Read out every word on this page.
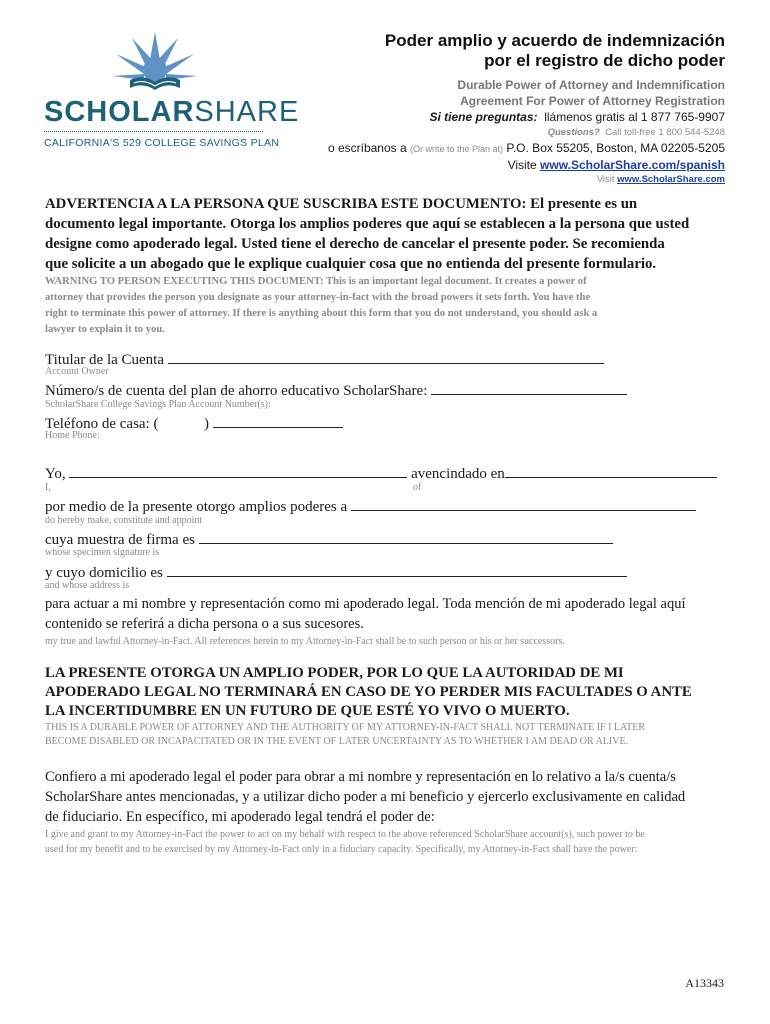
SCHOLARSHARE
CALIFORNIA'S 529 COLLEGE SAVINGS PLAN
Poder amplio y acuerdo de indemnización
por el registro de dicho poder
Durable Power of Attorney and Indemnification
Agreement For Power of Attorney Registration
Si tiene preguntas: llámenos gratis al 1 877 765-9907
Questions? Call toll-free 1 800 544-5248
o escríbanos a (Or write to the Plan at) P.O. Box 55205, Boston, MA 02205-5205
Visite www.ScholarShare.com/spanish
Visit www.ScholarShare.com
ADVERTENCIA A LA PERSONA QUE SUSCRIBA ESTE DOCUMENTO: El presente es un
documento legal importante. Otorga los amplios poderes que aquí se establecen a la persona que usted
designe como apoderado legal. Usted tiene el derecho de cancelar el presente poder. Se recomienda
que solicite a un abogado que le explique cualquier cosa que no entienda del presente formulario.
WARNING TO PERSON EXECUTING THIS DOCUMENT: This is an important legal document. It creates a power of
attorney that provides the person you designate as your attorney-in-fact with the broad powers it sets forth. You have the
right to terminate this power of attorney. If there is anything about this form that you do not understand, you should ask a
lawyer to explain it to you.
Titular de la Cuenta
Account Owner
Número/s de cuenta del plan de ahorro educativo ScholarShare:
ScholarShare College Savings Plan Account Number(s):
Teléfono de casa: (	)
Home Phone:
Yo,	avencindado en
I,	of
por medio de la presente otorgo amplios poderes a
do hereby make, constitute and appoint
cuya muestra de firma es
whose specimen signature is
y cuyo domicilio es
and whose address is
para actuar a mi nombre y representación como mi apoderado legal. Toda mención de mi apoderado legal aquí
contenido se referirá a dicha persona o a sus sucesores.
my true and lawful Attorney-in-Fact. All references herein to my Attorney-in-Fact shall be to such person or his or her successors.
LA PRESENTE OTORGA UN AMPLIO PODER, POR LO QUE LA AUTORIDAD DE MI
APODERADO LEGAL NO TERMINARÁ EN CASO DE YO PERDER MIS FACULTADES O ANTE
LA INCERTIDUMBRE EN UN FUTURO DE QUE ESTÉ YO VIVO O MUERTO.
THIS IS A DURABLE POWER OF ATTORNEY AND THE AUTHORITY OF MY ATTORNEY-IN-FACT SHALL NOT TERMINATE IF I LATER
BECOME DISABLED OR INCAPACITATED OR IN THE EVENT OF LATER UNCERTAINTY AS TO WHETHER I AM DEAD OR ALIVE.
Confiero a mi apoderado legal el poder para obrar a mi nombre y representación en lo relativo a la/s cuenta/s
ScholarShare antes mencionadas, y a utilizar dicho poder a mi beneficio y ejercerlo exclusivamente en calidad
de fiduciario. En específico, mi apoderado legal tendrá el poder de:
I give and grant to my Attorney-in-Fact the power to act on my behalf with respect to the above referenced ScholarShare account(s), such power to be
used for my benefit and to be exercised by my Attorney-in-Fact only in a fiduciary capacity. Specifically, my Attorney-in-Fact shall have the power:
A13343
